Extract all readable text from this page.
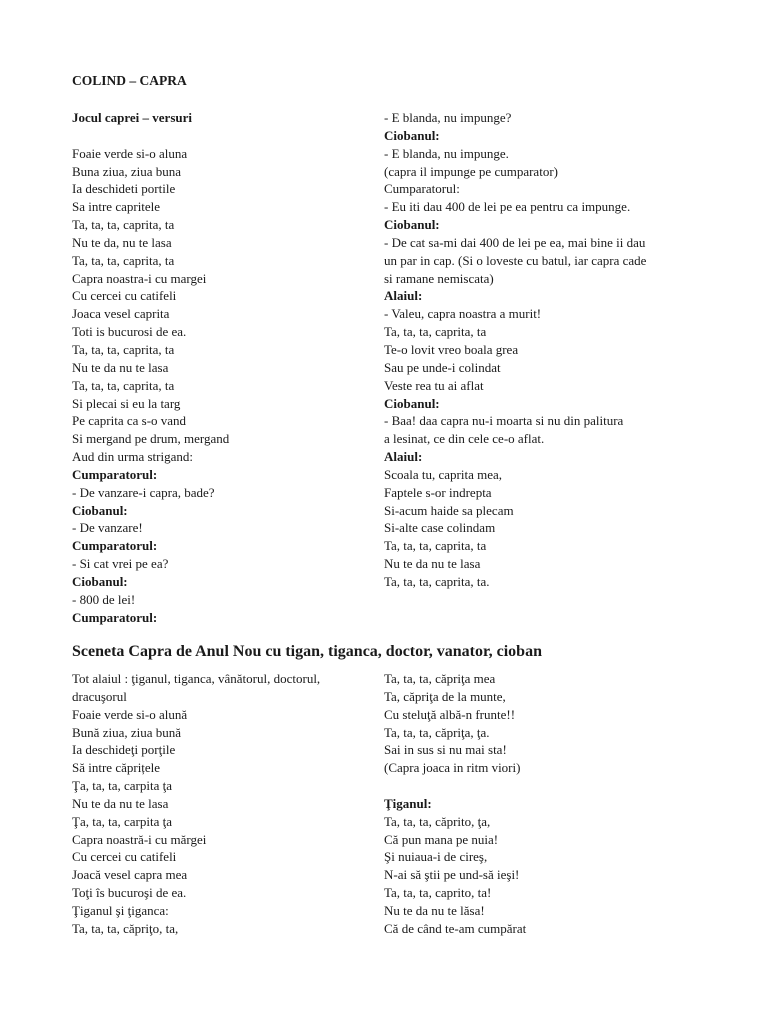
COLIND – CAPRA
Jocul caprei – versuri
Foaie verde si-o aluna
Buna ziua, ziua buna
Ia deschideti portile
Sa intre capritele
Ta, ta, ta, caprita, ta
Nu te da, nu te lasa
Ta, ta, ta, caprita, ta
Capra noastra-i cu margei
Cu cercei cu catifeli
Joaca vesel caprita
Toti is bucurosi de ea.
Ta, ta, ta, caprita, ta
Nu te da nu te lasa
Ta, ta, ta, caprita, ta
Si plecai si eu la targ
Pe caprita ca s-o vand
Si mergand pe drum, mergand
Aud din urma strigand:
Cumparatorul:
- De vanzare-i capra, bade?
Ciobanul:
- De vanzare!
Cumparatorul:
- Si cat vrei pe ea?
Ciobanul:
- 800 de lei!
Cumparatorul:
- E blanda, nu impunge?
Ciobanul:
- E blanda, nu impunge.
(capra il impunge pe cumparator)
Cumparatorul:
- Eu iti dau 400 de lei pe ea pentru ca impunge.
Ciobanul:
- De cat sa-mi dai 400 de lei pe ea, mai bine ii dau
un par in cap. (Si o loveste cu batul, iar capra cade
si ramane nemiscata)
Alaiul:
- Valeu, capra noastra a murit!
Ta, ta, ta, caprita, ta
Te-o lovit vreo boala grea
Sau pe unde-i colindat
Veste rea tu ai aflat
Ciobanul:
- Baa! daa capra nu-i moarta si nu din palitura
a lesinat, ce din cele ce-o aflat.
Alaiul:
Scoala tu, caprita mea,
Faptele s-or indrepta
Si-acum haide sa plecam
Si-alte case colindam
Ta, ta, ta, caprita, ta
Nu te da nu te lasa
Ta, ta, ta, caprita, ta.
Sceneta Capra de Anul Nou cu tigan, tiganca, doctor, vanator, cioban
Tot alaiul : ţiganul, tiganca, vânătorul, doctorul,
dracuşorul
Foaie verde si-o alună
Bună ziua, ziua bună
Ia deschideţi porţile
Să intre căprițele
Ţa, ta, ta, carpita ţa
Nu te da nu te lasa
Ţa, ta, ta, carpita ţa
Capra noastră-i cu mărgei
Cu cercei cu catifeli
Joacă vesel capra mea
Toţi îs bucuroşi de ea.
Ţiganul şi ţiganca:
Ta, ta, ta, căpriţo, ta,
Ta, ta, ta, căpriţa mea
Ta, căpriţa de la munte,
Cu steluţă albă-n frunte!!
Ta, ta, ta, căpriţa, ţa.
Sai in sus si nu mai sta!
(Capra joaca in ritm viori)
Ţiganul:
Ta, ta, ta, căprito, ţa,
Că pun mana pe nuia!
Şi nuiaua-i de cireş,
N-ai să ştii pe und-să ieşi!
Ta, ta, ta, caprito, ta!
Nu te da nu te lăsa!
Că de când te-am cumpărat
